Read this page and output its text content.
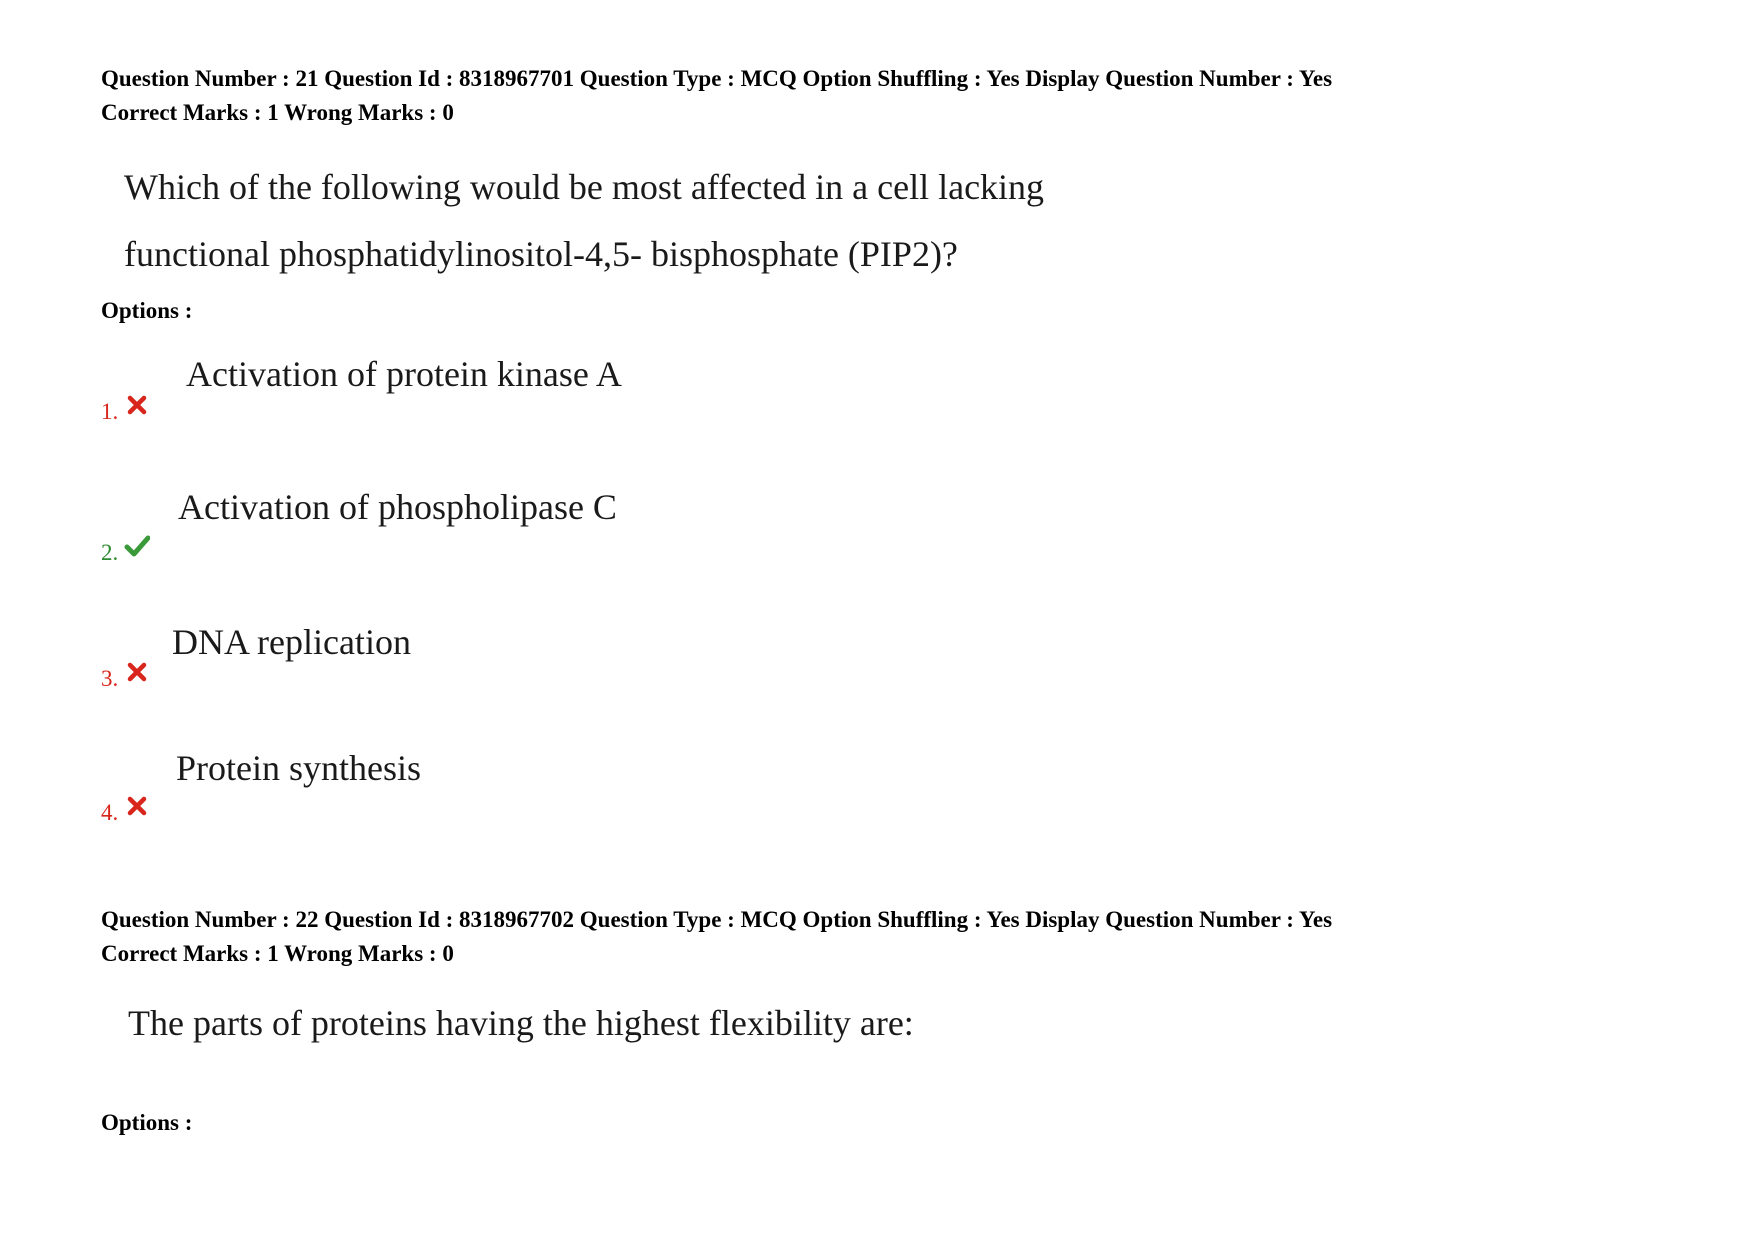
Question Number : 21 Question Id : 8318967701 Question Type : MCQ Option Shuffling : Yes Display Question Number : Yes
Correct Marks : 1 Wrong Marks : 0
Which of the following would be most affected in a cell lacking
functional phosphatidylinositol-4,5- bisphosphate (PIP2)?
Options :
Activation of protein kinase A
1.
Activation of phospholipase C
2.
DNA replication
3.
Protein synthesis
4.
Question Number : 22 Question Id : 8318967702 Question Type : MCQ Option Shuffling : Yes Display Question Number : Yes
Correct Marks : 1 Wrong Marks : 0
The parts of proteins having the highest flexibility are:
Options :
